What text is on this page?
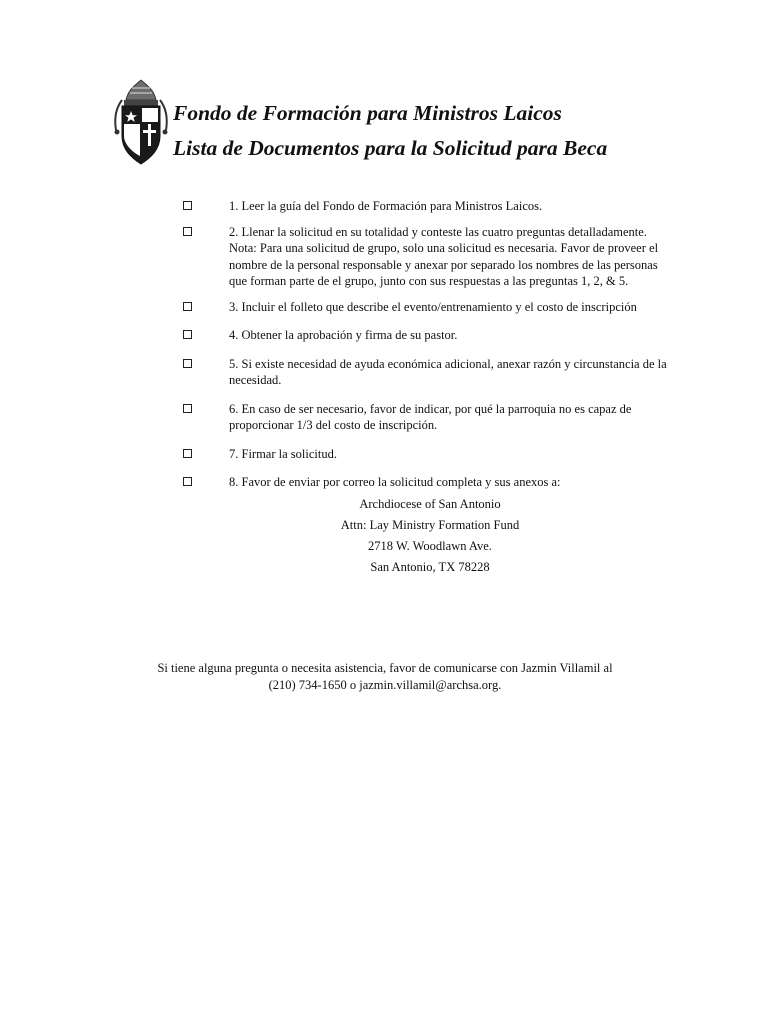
Fondo de Formación para Ministros Laicos
Lista de Documentos para la Solicitud para Beca
1. Leer la guía del Fondo de Formación para Ministros Laicos.
2. Llenar la solicitud en su totalidad y conteste las cuatro preguntas detalladamente. Nota: Para una solicitud de grupo, solo una solicitud es necesaria. Favor de proveer el nombre de la personal responsable y anexar por separado los nombres de las personas que forman parte de el grupo, junto con sus respuestas a las preguntas 1, 2, & 5.
3. Incluir el folleto que describe el evento/entrenamiento y el costo de inscripción
4. Obtener la aprobación y firma de su pastor.
5. Si existe necesidad de ayuda económica adicional, anexar razón y circunstancia de la necesidad.
6. En caso de ser necesario, favor de indicar, por qué la parroquia no es capaz de proporcionar 1/3 del costo de inscripción.
7. Firmar la solicitud.
8. Favor de enviar por correo la solicitud completa y sus anexos a:
Archdiocese of San Antonio
Attn: Lay Ministry Formation Fund
2718 W. Woodlawn Ave.
San Antonio, TX 78228
Si tiene alguna pregunta o necesita asistencia, favor de comunicarse con Jazmin Villamil al
(210) 734-1650 o jazmin.villamil@archsa.org.
